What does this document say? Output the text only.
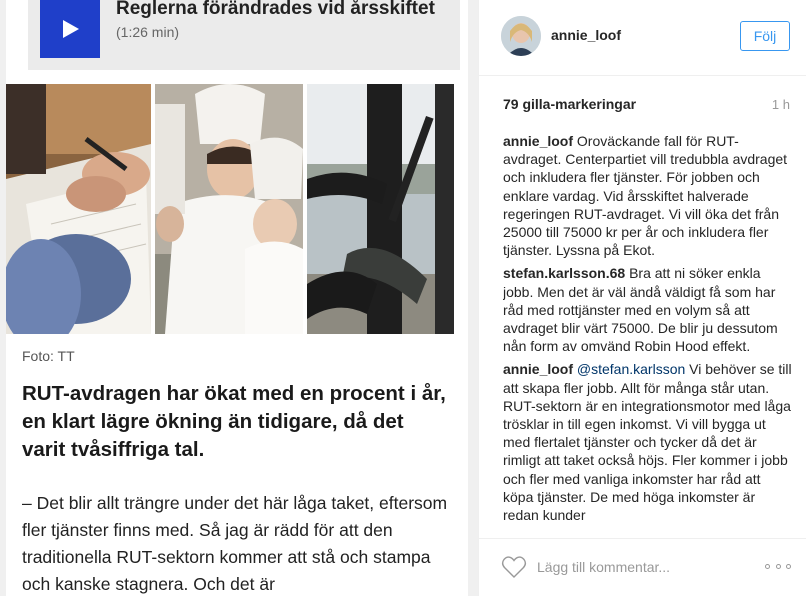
Reglerna förändrades vid årsskiftet
(1:26 min)
Foto: TT
RUT-avdragen har ökat med en procent i år, en klart lägre ökning än tidigare, då det varit tvåsiffriga tal.
– Det blir allt trängre under det här låga taket, eftersom fler tjänster finns med. Så jag är rädd för att den traditionella RUT-sektorn kommer att stå och stampa och kanske stagnera. Och det är
annie_loof	Följ
79 gilla-markeringar	1 h
annie_loof Oroväckande fall för RUT-avdraget. Centerpartiet vill tredubbla avdraget och inkludera fler tjänster. För jobben och enklare vardag. Vid årsskiftet halverade regeringen RUT-avdraget. Vi vill öka det från 25000 till 75000 kr per år och inkludera fler tjänster. Lyssna på Ekot.
stefan.karlsson.68 Bra att ni söker enkla jobb. Men det är väl ändå väldigt få som har råd med rottjänster med en volym så att avdraget blir värt 75000. De blir ju dessutom nån form av omvänd Robin Hood effekt.
annie_loof @stefan.karlsson Vi behöver se till att skapa fler jobb. Allt för många står utan. RUT-sektorn är en integrationsmotor med låga trösklar in till egen inkomst. Vi vill bygga ut med flertalet tjänster och tycker då det är rimligt att taket också höjs. Fler kommer i jobb och fler med vanliga inkomster har råd att köpa tjänster. De med höga inkomster är redan kunder
Lägg till kommentar...
